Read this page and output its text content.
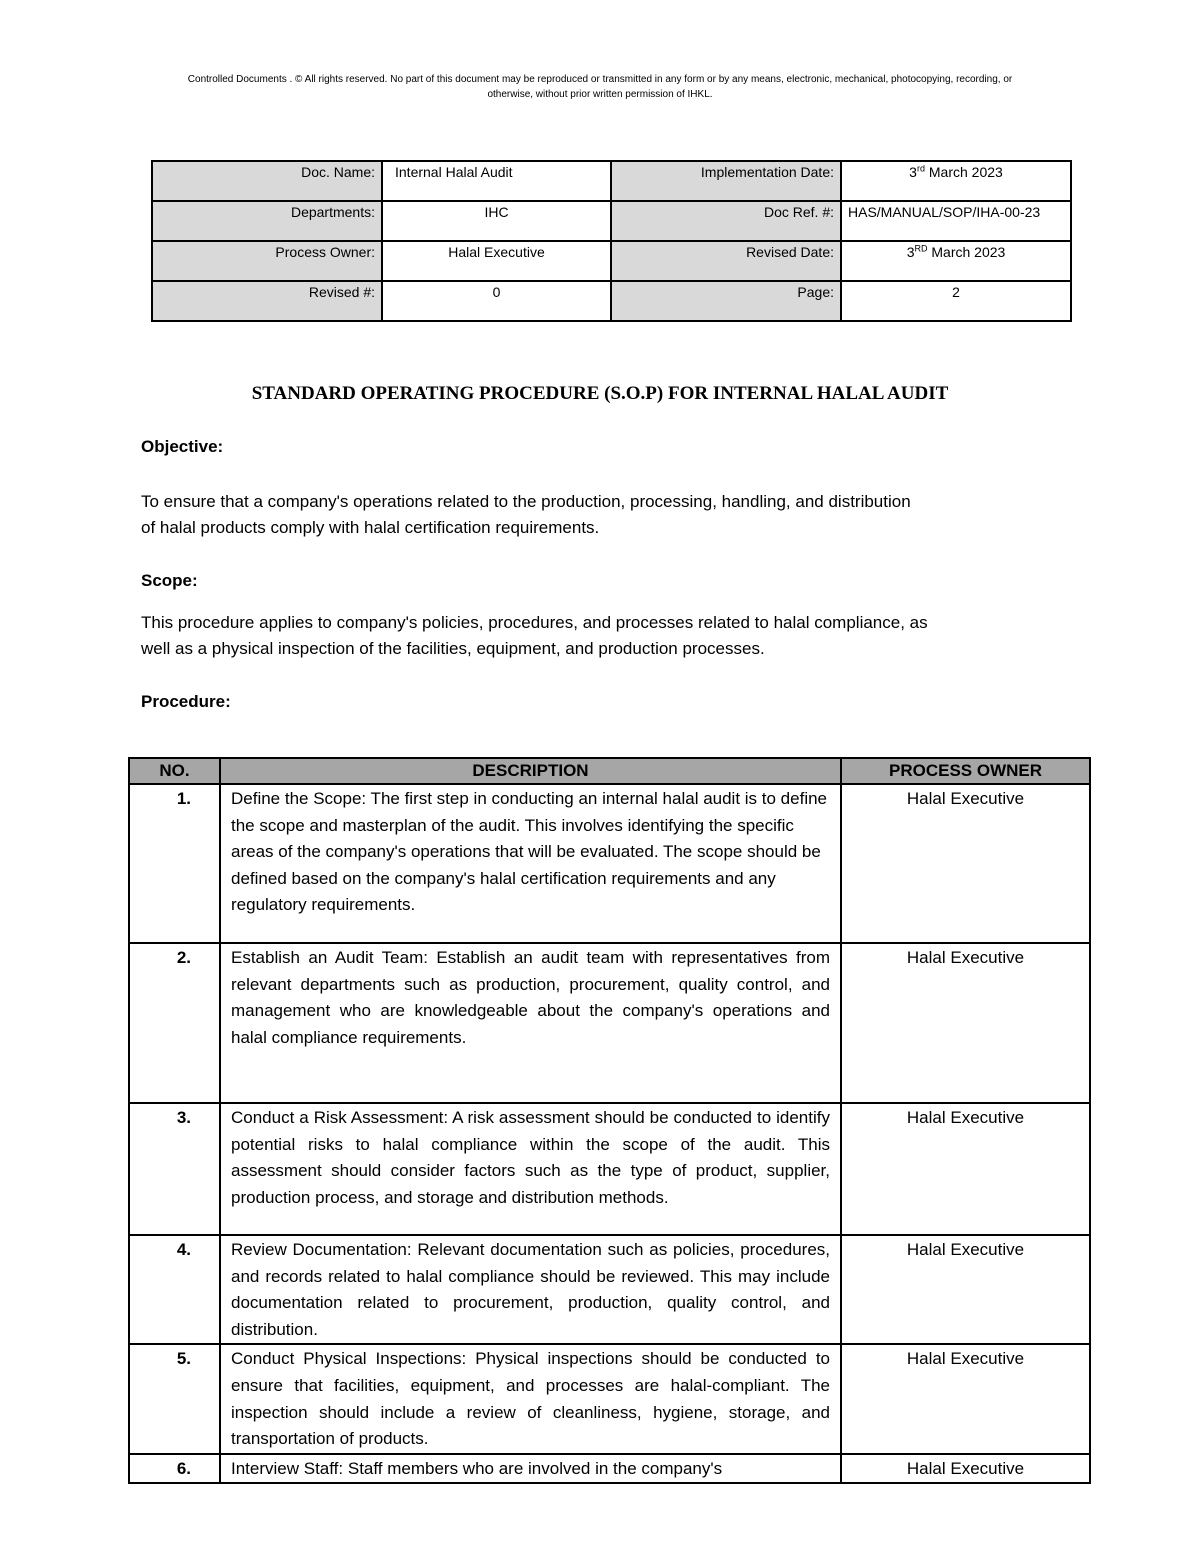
Controlled Documents . © All rights reserved. No part of this document may be reproduced or transmitted in any form or by any means, electronic, mechanical, photocopying, recording, or
otherwise, without prior written permission of IHKL.
Doc. Name:	Internal Halal Audit	Implementation Date:	3rd March 2023
Departments:	IHC	Doc Ref. #:	HAS/MANUAL/SOP/IHA-00-23
Process Owner:	Halal Executive	Revised Date:	3RD March 2023
Revised #:	0	Page:	2
STANDARD OPERATING PROCEDURE (S.O.P) FOR INTERNAL HALAL AUDIT
Objective:
To ensure that a company's operations related to the production, processing, handling, and distribution
of halal products comply with halal certification requirements.
Scope:
This procedure applies to company's policies, procedures, and processes related to halal compliance, as
well as a physical inspection of the facilities, equipment, and production processes.
Procedure:
NO.	DESCRIPTION	PROCESS OWNER
1.	Define the Scope: The first step in conducting an internal halal audit is to define the scope and masterplan of the audit. This involves identifying the specific areas of the company's operations that will be evaluated. The scope should be defined based on the company's halal certification requirements and any regulatory requirements.	Halal Executive
2.	Establish an Audit Team: Establish an audit team with representatives from relevant departments such as production, procurement, quality control, and management who are knowledgeable about the company's operations and halal compliance requirements.	Halal Executive
3.	Conduct a Risk Assessment: A risk assessment should be conducted to identify potential risks to halal compliance within the scope of the audit. This assessment should consider factors such as the type of product, supplier, production process, and storage and distribution methods.	Halal Executive
4.	Review Documentation: Relevant documentation such as policies, procedures, and records related to halal compliance should be reviewed. This may include documentation related to procurement, production, quality control, and distribution.	Halal Executive
5.	Conduct Physical Inspections: Physical inspections should be conducted to ensure that facilities, equipment, and processes are halal-compliant. The inspection should include a review of cleanliness, hygiene, storage, and transportation of products.	Halal Executive
6.	Interview Staff: Staff members who are involved in the company's	Halal Executive
